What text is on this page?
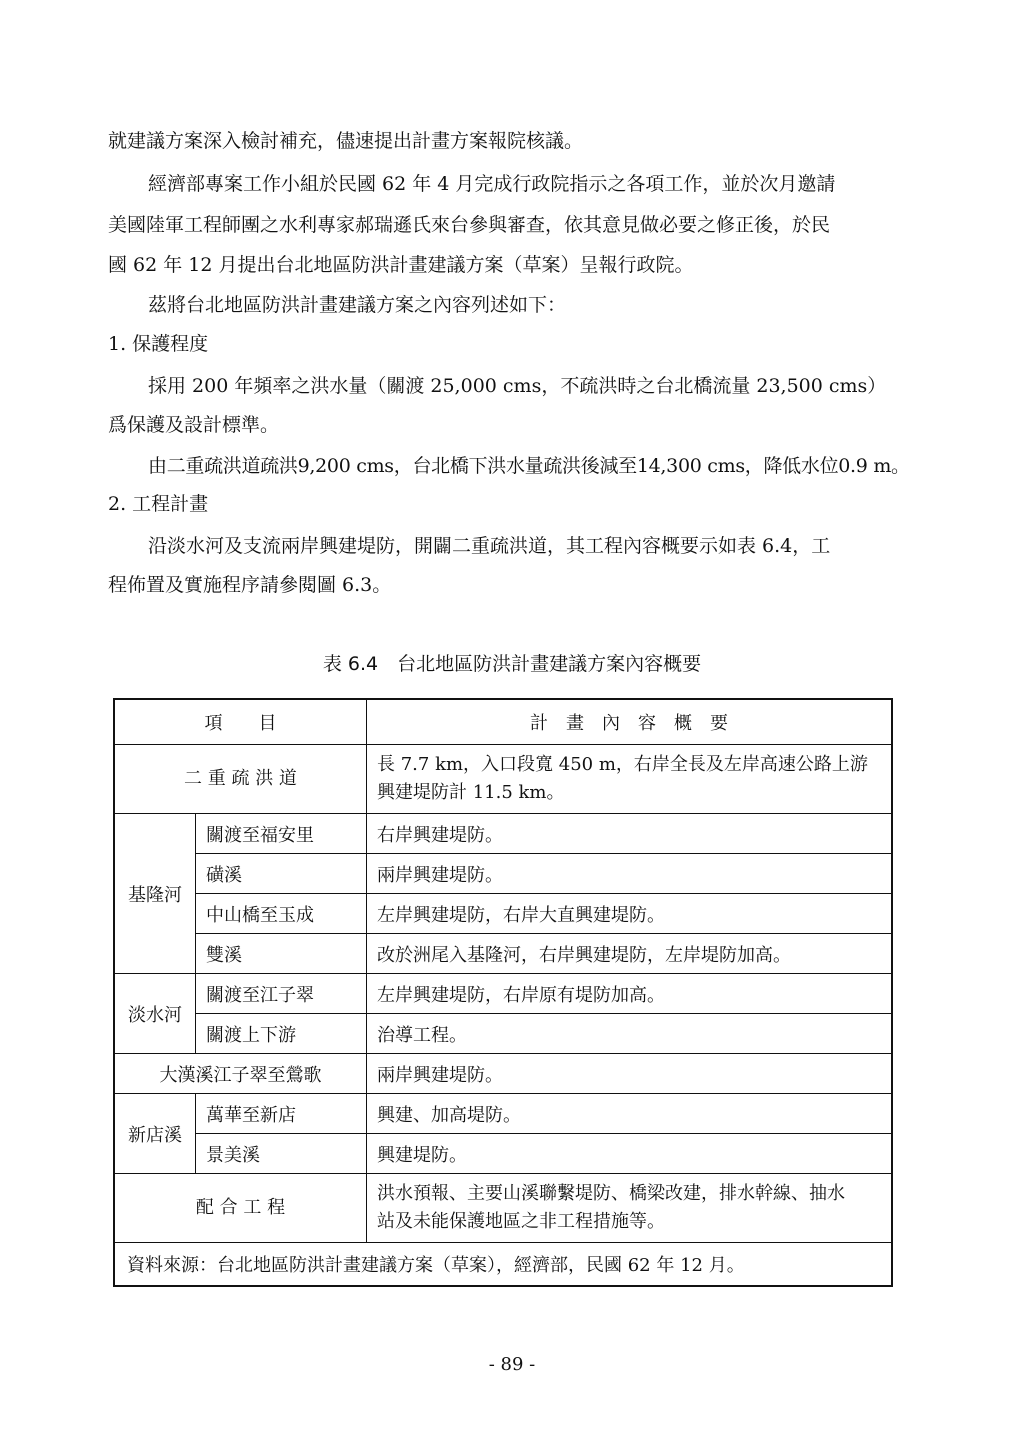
就建議方案深入檢討補充，儘速提出計畫方案報院核議。

經濟部專案工作小組於民國 62 年 4 月完成行政院指示之各項工作，並於次月邀請

美國陸軍工程師團之水利專家郝瑞遜氏來台參與審查，依其意見做必要之修正後，於民

國 62 年 12 月提出台北地區防洪計畫建議方案（草案）呈報行政院。

茲將台北地區防洪計畫建議方案之內容列述如下：

1. 保護程度

採用 200 年頻率之洪水量（關渡 25,000 cms，不疏洪時之台北橋流量 23,500 cms）

爲保護及設計標準。

由二重疏洪道疏洪9,200 cms，台北橋下洪水量疏洪後減至14,300 cms，降低水位0.9 m。

2. 工程計畫

沿淡水河及支流兩岸興建堤防，開闢二重疏洪道，其工程內容概要示如表 6.4，工

程佈置及實施程序請參閱圖 6.3。

表 6.4　台北地區防洪計畫建議方案內容概要
項　　目		計　畫　內　容　概　要
二 重 疏 洪 道		長 7.7 km，入口段寬 450 m，右岸全長及左岸高速公路上游
興建堤防計 11.5 km。

基隆河	關渡至福安里	右岸興建堤防。
	磺溪	兩岸興建堤防。
	中山橋至玉成	左岸興建堤防，右岸大直興建堤防。
	雙溪	改於洲尾入基隆河，右岸興建堤防，左岸堤防加高。
淡水河	關渡至江子翠	左岸興建堤防，右岸原有堤防加高。
	關渡上下游	治導工程。
大漢溪江子翠至鶯歌		兩岸興建堤防。
新店溪	萬華至新店	興建、加高堤防。
	景美溪	興建堤防。
配 合 工 程		洪水預報、主要山溪聯繫堤防、橋梁改建，排水幹線、抽水
站及未能保護地區之非工程措施等。

資料來源：台北地區防洪計畫建議方案（草案），經濟部，民國 62 年 12 月。		
- 89 -
